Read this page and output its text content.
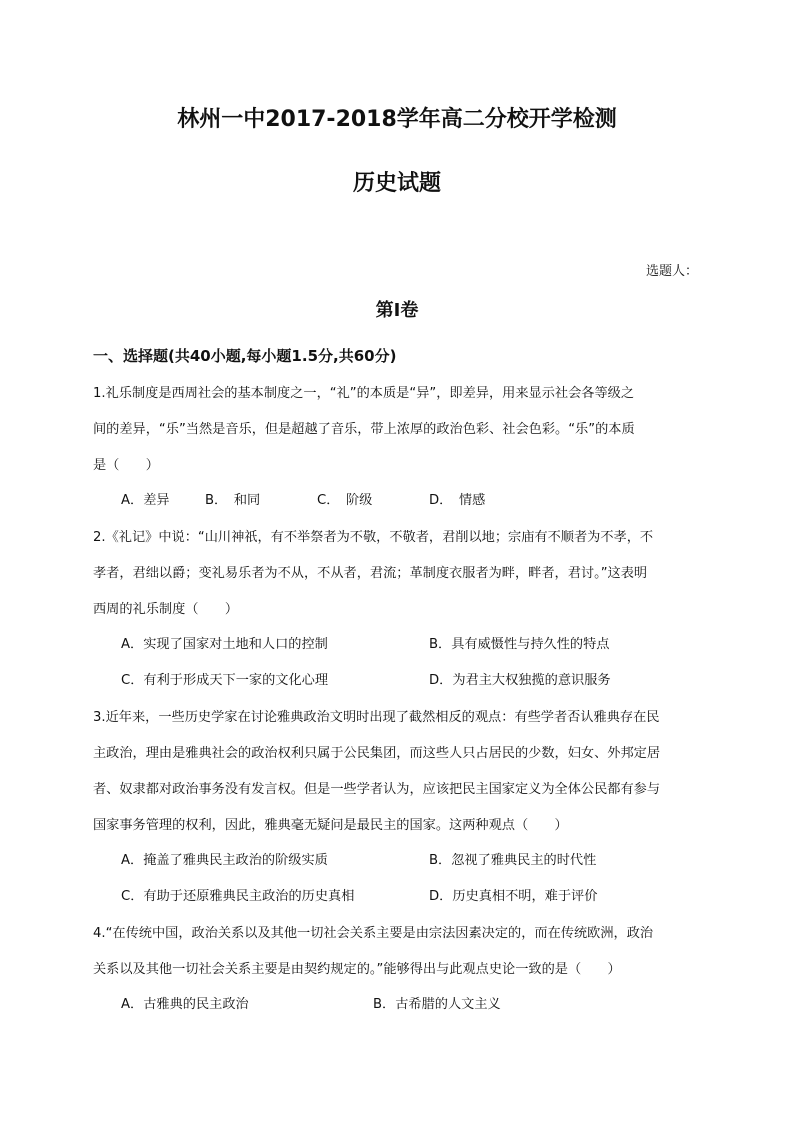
林州一中2017-2018学年高二分校开学检测
历史试题
选题人：
第I卷
一、选择题(共40小题,每小题1.5分,共60分)

1.礼乐制度是西周社会的基本制度之一，“礼”的本质是“异”，即差异，用来显示社会各等级之

间的差异，“乐”当然是音乐，但是超越了音乐，带上浓厚的政治色彩、社会色彩。“乐”的本质

是（　　）

A．差异	B．　和同	C．　阶级	D．　情感

2.《礼记》中说：“山川神祇，有不举祭者为不敬，不敬者，君削以地；宗庙有不顺者为不孝，不

孝者，君绌以爵；变礼易乐者为不从，不从者，君流；革制度衣服者为畔，畔者，君讨。”这表明

西周的礼乐制度（　　）

A．实现了国家对土地和人口的控制	B．具有威慑性与持久性的特点
C．有利于形成天下一家的文化心理	D．为君主大权独揽的意识服务

3.近年来，一些历史学家在讨论雅典政治文明时出现了截然相反的观点：有些学者否认雅典存在民

主政治，理由是雅典社会的政治权利只属于公民集团，而这些人只占居民的少数，妇女、外邦定居

者、奴隶都对政治事务没有发言权。但是一些学者认为，应该把民主国家定义为全体公民都有参与

国家事务管理的权利，因此，雅典毫无疑问是最民主的国家。这两种观点（　　）

A．掩盖了雅典民主政治的阶级实质	B．忽视了雅典民主的时代性
C．有助于还原雅典民主政治的历史真相	D．历史真相不明，难于评价

4.“在传统中国，政治关系以及其他一切社会关系主要是由宗法因素决定的，而在传统欧洲，政治

关系以及其他一切社会关系主要是由契约规定的。”能够得出与此观点史论一致的是（　　）

A．古雅典的民主政治	B．古希腊的人文主义
